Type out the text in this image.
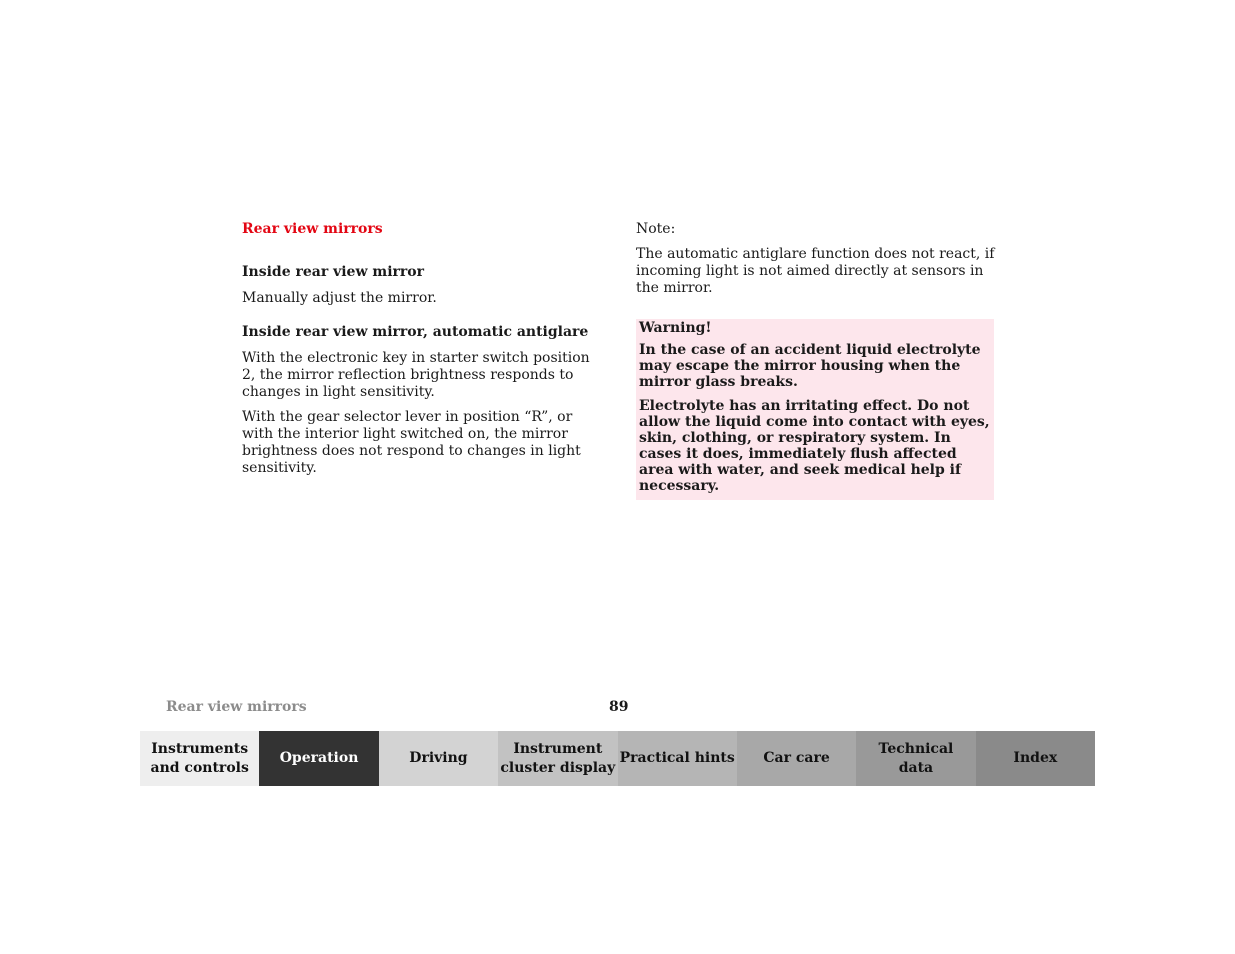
Rear view mirrors
Inside rear view mirror
Manually adjust the mirror.
Inside rear view mirror, automatic antiglare
With the electronic key in starter switch position 2, the mirror reflection brightness responds to changes in light sensitivity.
With the gear selector lever in position “R”, or with the interior light switched on, the mirror brightness does not respond to changes in light sensitivity.
Note:
The automatic antiglare function does not react, if incoming light is not aimed directly at sensors in the mirror.

Warning!

In the case of an accident liquid electrolyte may escape the mirror housing when the mirror glass breaks.

Electrolyte has an irritating effect. Do not allow the liquid come into contact with eyes, skin, clothing, or respiratory system. In cases it does, immediately flush affected area with water, and seek medical help if necessary.

Rear view mirrors	89
Instruments
and controls
Operation	Driving
Instrument
cluster display
Practical hints	Car care
Technical
data
Index
